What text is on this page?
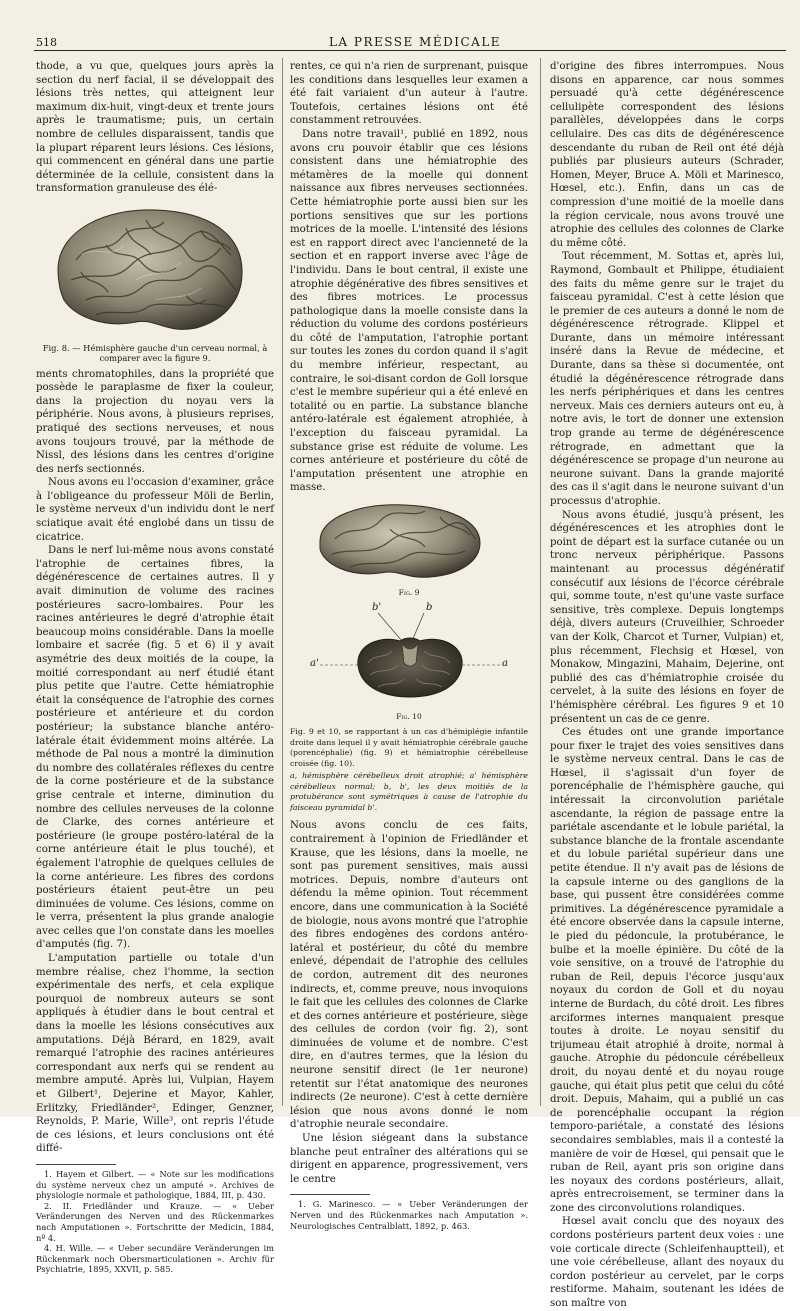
518	LA PRESSE MÉDICALE

thode, a vu que, quelques jours après la section du nerf facial, il se développait des lésions très nettes, qui atteignent leur maximum dix-huit, vingt-deux et trente jours après le traumatisme; puis, un certain nombre de cellules disparaissent, tandis que la plupart réparent leurs lésions. Ces lésions, qui commencent en général dans une partie déterminée de la cellule, consistent dans la transformation granuleuse des élé-

Fig. 8. — Hémisphère gauche d'un cerveau normal, à comparer avec la figure 9.

ments chromatophiles, dans la propriété que possède le paraplasme de fixer la couleur, dans la projection du noyau vers la périphérie. Nous avons, à plusieurs reprises, pratiqué des sections nerveuses, et nous avons toujours trouvé, par la méthode de Nissl, des lésions dans les centres d'origine des nerfs sectionnés.

Nous avons eu l'occasion d'examiner, grâce à l'obligeance du professeur Möli de Berlin, le système nerveux d'un individu dont le nerf sciatique avait été englobé dans un tissu de cicatrice.

Dans le nerf lui-même nous avons constaté l'atrophie de certaines fibres, la dégénérescence de certaines autres. Il y avait diminution de volume des racines postérieures sacro-lombaires. Pour les racines antérieures le degré d'atrophie était beaucoup moins considérable. Dans la moelle lombaire et sacrée (fig. 5 et 6) il y avait asymétrie des deux moitiés de la coupe, la moitié correspondant au nerf étudié étant plus petite que l'autre. Cette hémiatrophie était la conséquence de l'atrophie des cornes postérieure et antérieure et du cordon postérieur; la substance blanche antéro-latérale était évidemment moins altérée. La méthode de Pal nous a montré la diminution du nombre des collatérales réflexes du centre de la corne postérieure et de la substance grise centrale et interne, diminution du nombre des cellules nerveuses de la colonne de Clarke, des cornes antérieure et postérieure (le groupe postéro-latéral de la corne antérieure était le plus touché), et également l'atrophie de quelques cellules de la corne antérieure. Les fibres des cordons postérieurs étaient peut-être un peu diminuées de volume. Ces lésions, comme on le verra, présentent la plus grande analogie avec celles que l'on constate dans les moelles d'amputés (fig. 7).

L'amputation partielle ou totale d'un membre réalise, chez l'homme, la section expérimentale des nerfs, et cela explique pourquoi de nombreux auteurs se sont appliqués à étudier dans le bout central et dans la moelle les lésions consécutives aux amputations. Déjà Bérard, en 1829, avait remarqué l'atrophie des racines antérieures correspondant aux nerfs qui se rendent au membre amputé. Après lui, Vulpian, Hayem et Gilbert¹, Dejerine et Mayor, Kahler, Erlitzky, Friedländer², Edinger, Genzner, Reynolds, P. Marie, Wille³, ont repris l'étude de ces lésions, et leurs conclusions ont été diffé-

1. Hayem et Gilbert. — « Note sur les modifications du système nerveux chez un amputé ». Archives de physiologie normale et pathologique, 1884, III, p. 430.

2. II. Friedländer und Krauze. — « Ueber Veränderungen des Nerven und des Rückenmarkes nach Amputationen ». Fortschritte der Medicin, 1884, nº 4.

4. H. Wille. — « Ueber secundäre Veränderungen im Rückenmark noch Obersmarticulationen ». Archiv für Psychiatrie, 1895, XXVII, p. 585.

rentes, ce qui n'a rien de surprenant, puisque les conditions dans lesquelles leur examen a été fait variaient d'un auteur à l'autre. Toutefois, certaines lésions ont été constamment retrouvées.

Dans notre travail¹, publié en 1892, nous avons cru pouvoir établir que ces lésions consistent dans une hémiatrophie des métamères de la moelle qui donnent naissance aux fibres nerveuses sectionnées. Cette hémiatrophie porte aussi bien sur les portions sensitives que sur les portions motrices de la moelle. L'intensité des lésions est en rapport direct avec l'ancienneté de la section et en rapport inverse avec l'âge de l'individu. Dans le bout central, il existe une atrophie dégénérative des fibres sensitives et des fibres motrices. Le processus pathologique dans la moelle consiste dans la réduction du volume des cordons postérieurs du côté de l'amputation, l'atrophie portant sur toutes les zones du cordon quand il s'agit du membre inférieur, respectant, au contraire, le soi-disant cordon de Goll lorsque c'est le membre supérieur qui a été enlevé en totalité ou en partie. La substance blanche antéro-latérale est également atrophiée, à l'exception du faisceau pyramidal. La substance grise est réduite de volume. Les cornes antérieure et postérieure du côté de l'amputation présentent une atrophie en masse.

Fig. 9
b'	b
a'	a
Fig. 10
Fig. 9 et 10, se rapportant à un cas d'hémiplégie infantile droite dans lequel il y avait hémiatrophie cérébrale gauche (porencéphalie) (fig. 9) et hémiatrophie cérébelleuse croisée (fig. 10).
a, hémisphère cérébelleux droit atrophié; a' hémisphère cérébelleux normal; b, b', les deux moitiés de la protubérance sont symétriques à cause de l'atrophie du faisceau pyramidal b'.

Nous avons conclu de ces faits, contrairement à l'opinion de Friedländer et Krause, que les lésions, dans la moelle, ne sont pas purement sensitives, mais aussi motrices. Depuis, nombre d'auteurs ont défendu la même opinion. Tout récemment encore, dans une communication à la Société de biologie, nous avons montré que l'atrophie des fibres endogènes des cordons antéro-latéral et postérieur, du côté du membre enlevé, dépendait de l'atrophie des cellules de cordon, autrement dit des neurones indirects, et, comme preuve, nous invoquions le fait que les cellules des colonnes de Clarke et des cornes antérieure et postérieure, siège des cellules de cordon (voir fig. 2), sont diminuées de volume et de nombre. C'est dire, en d'autres termes, que la lésion du neurone sensitif direct (le 1er neurone) retentit sur l'état anatomique des neurones indirects (2e neurone). C'est à cette dernière lésion que nous avons donné le nom d'atrophie neurale secondaire.

Une lésion siégeant dans la substance blanche peut entraîner des altérations qui se dirigent en apparence, progressivement, vers le centre

1. G. Marinesco. — « Ueber Veränderungen der Nerven und des Rückenmarkes nach Amputation ». Neurologisches Centralblatt, 1892, p. 463.

d'origine des fibres interrompues. Nous disons en apparence, car nous sommes persuadé qu'à cette dégénérescence cellulipète correspondent des lésions parallèles, développées dans le corps cellulaire. Des cas dits de dégénérescence descendante du ruban de Reil ont été déjà publiés par plusieurs auteurs (Schrader, Homen, Meyer, Bruce A. Möli et Marinesco, Hœsel, etc.). Enfin, dans un cas de compression d'une moitié de la moelle dans la région cervicale, nous avons trouvé une atrophie des cellules des colonnes de Clarke du même côté.

Tout récemment, M. Sottas et, après lui, Raymond, Gombault et Philippe, étudiaient des faits du même genre sur le trajet du faisceau pyramidal. C'est à cette lésion que le premier de ces auteurs a donné le nom de dégénérescence rétrograde. Klippel et Durante, dans un mémoire intéressant inséré dans la Revue de médecine, et Durante, dans sa thèse si documentée, ont étudié la dégénérescence rétrograde dans les nerfs périphériques et dans les centres nerveux. Mais ces derniers auteurs ont eu, à notre avis, le tort de donner une extension trop grande au terme de dégénérescence rétrograde, en admettant que la dégénérescence se propage d'un neurone au neurone suivant. Dans la grande majorité des cas il s'agit dans le neurone suivant d'un processus d'atrophie.

Nous avons étudié, jusqu'à présent, les dégénérescences et les atrophies dont le point de départ est la surface cutanée ou un tronc nerveux périphérique. Passons maintenant au processus dégénératif consécutif aux lésions de l'écorce cérébrale qui, somme toute, n'est qu'une vaste surface sensitive, très complexe. Depuis longtemps déjà, divers auteurs (Cruveilhier, Schroeder van der Kolk, Charcot et Turner, Vulpian) et, plus récemment, Flechsig et Hœsel, von Monakow, Mingazini, Mahaim, Dejerine, ont publié des cas d'hémiatrophie croisée du cervelet, à la suite des lésions en foyer de l'hémisphère cérébral. Les figures 9 et 10 présentent un cas de ce genre.

Ces études ont une grande importance pour fixer le trajet des voies sensitives dans le système nerveux central. Dans le cas de Hœsel, il s'agissait d'un foyer de porencéphalie de l'hémisphère gauche, qui intéressait la circonvolution pariétale ascendante, la région de passage entre la pariétale ascendante et le lobule pariétal, la substance blanche de la frontale ascendante et du lobule pariétal supérieur dans une petite étendue. Il n'y avait pas de lésions de la capsule interne ou des ganglions de la base, qui pussent être considérées comme primitives. La dégénérescence pyramidale a été encore observée dans la capsule interne, le pied du pédoncule, la protubérance, le bulbe et la moelle épinière. Du côté de la voie sensitive, on a trouvé de l'atrophie du ruban de Reil, depuis l'écorce jusqu'aux noyaux du cordon de Goll et du noyau interne de Burdach, du côté droit. Les fibres arciformes internes manquaient presque toutes à droite. Le noyau sensitif du trijumeau était atrophié à droite, normal à gauche. Atrophie du pédoncule cérébelleux droit, du noyau denté et du noyau rouge gauche, qui était plus petit que celui du côté droit. Depuis, Mahaim, qui a publié un cas de porencéphalie occupant la région temporo-pariétale, a constaté des lésions secondaires semblables, mais il a contesté la manière de voir de Hœsel, qui pensait que le ruban de Reil, ayant pris son origine dans les noyaux des cordons postérieurs, allait, après entrecroisement, se terminer dans la zone des circonvolutions rolandiques.

Hœsel avait conclu que des noyaux des cordons postérieurs partent deux voies : une voie corticale directe (Schleifenhauptteil), et une voie cérébelleuse, allant des noyaux du cordon postérieur au cervelet, par le corps restiforme. Mahaim, soutenant les idées de son maître von
